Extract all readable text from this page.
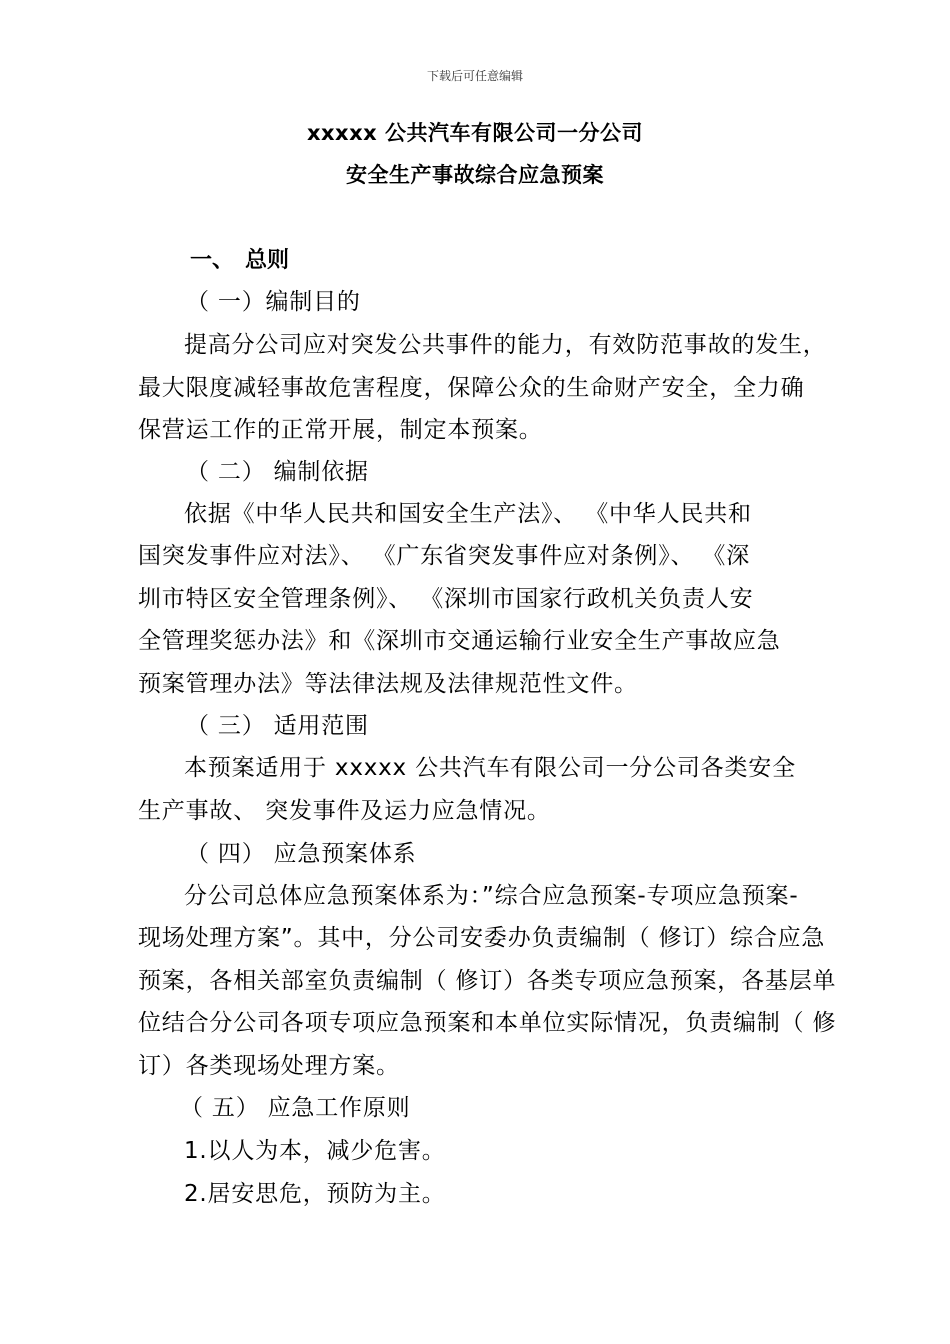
下载后可任意编辑
xxxxx 公共汽车有限公司一分公司
安全生产事故综合应急预案
一、　总则
（ 一）编制目的
提高分公司应对突发公共事件的能力，有效防范事故的发生，
最大限度减轻事故危害程度，保障公众的生命财产安全，全力确
保营运工作的正常开展，制定本预案。
（ 二） 编制依据
依据《中华人民共和国安全生产法》、 《中华人民共和
国突发事件应对法》、 《广东省突发事件应对条例》、 《深
圳市特区安全管理条例》、 《深圳市国家行政机关负责人安
全管理奖惩办法》和《深圳市交通运输行业安全生产事故应急
预案管理办法》等法律法规及法律规范性文件。
（ 三） 适用范围
本预案适用于 xxxxx 公共汽车有限公司一分公司各类安全
生产事故、 突发事件及运力应急情况。
（ 四） 应急预案体系
分公司总体应急预案体系为：”综合应急预案-专项应急预案-
现场处理方案”。其中，分公司安委办负责编制（ 修订）综合应急
预案，各相关部室负责编制（ 修订）各类专项应急预案，各基层单
位结合分公司各项专项应急预案和本单位实际情况，负责编制（ 修
订）各类现场处理方案。
（ 五） 应急工作原则
1.以人为本，减少危害。
2.居安思危，预防为主。
